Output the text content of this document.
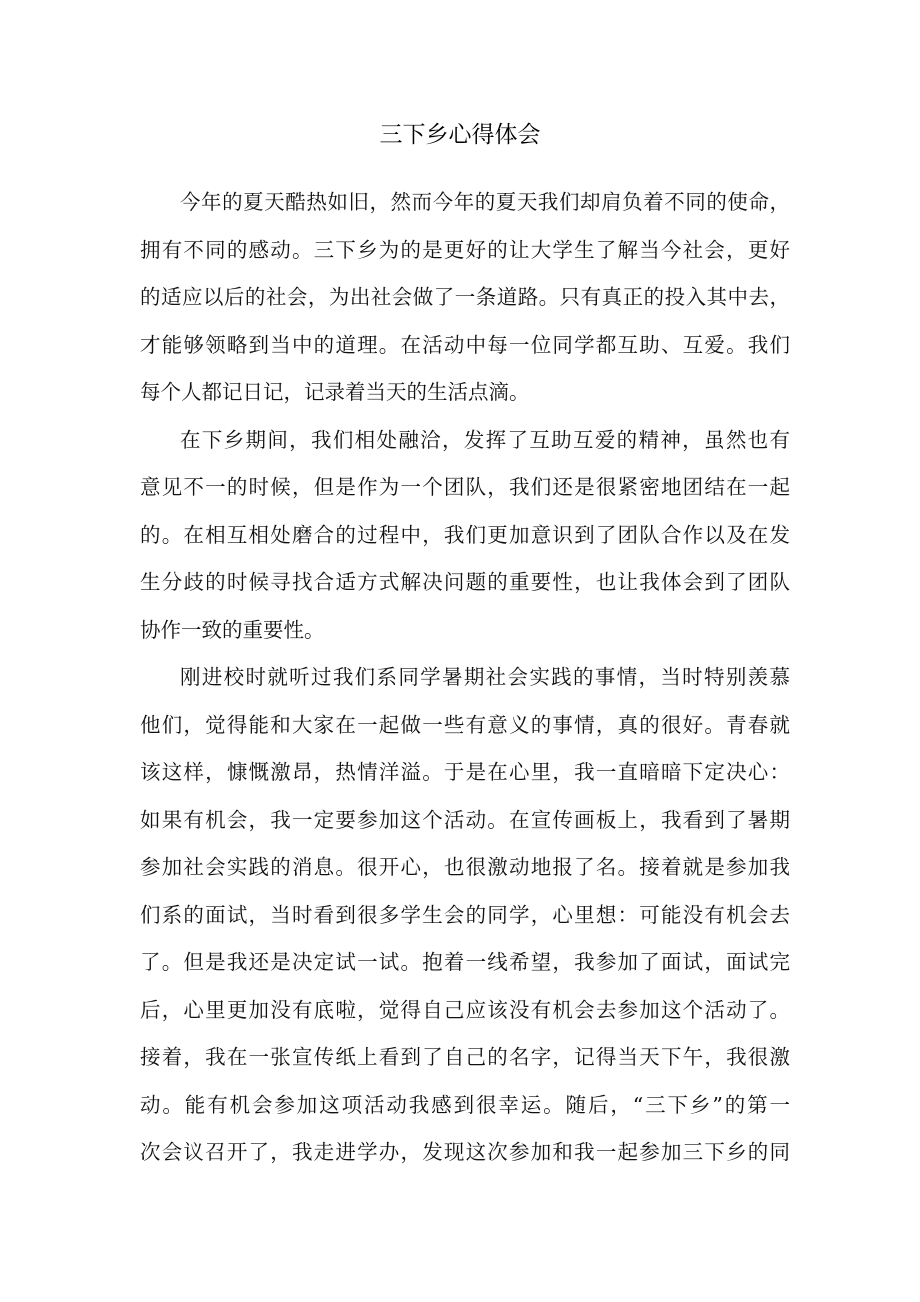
三下乡心得体会

今年的夏天酷热如旧，然而今年的夏天我们却肩负着不同的使命，
拥有不同的感动。三下乡为的是更好的让大学生了解当今社会，更好
的适应以后的社会，为出社会做了一条道路。只有真正的投入其中去，
才能够领略到当中的道理。在活动中每一位同学都互助、互爱。我们
每个人都记日记，记录着当天的生活点滴。

在下乡期间，我们相处融洽，发挥了互助互爱的精神，虽然也有
意见不一的时候，但是作为一个团队，我们还是很紧密地团结在一起
的。在相互相处磨合的过程中，我们更加意识到了团队合作以及在发
生分歧的时候寻找合适方式解决问题的重要性，也让我体会到了团队
协作一致的重要性。

刚进校时就听过我们系同学暑期社会实践的事情，当时特别羡慕
他们，觉得能和大家在一起做一些有意义的事情，真的很好。青春就
该这样，慷慨激昂，热情洋溢。于是在心里，我一直暗暗下定决心：
如果有机会，我一定要参加这个活动。在宣传画板上，我看到了暑期
参加社会实践的消息。很开心，也很激动地报了名。接着就是参加我
们系的面试，当时看到很多学生会的同学，心里想：可能没有机会去
了。但是我还是决定试一试。抱着一线希望，我参加了面试，面试完
后，心里更加没有底啦，觉得自己应该没有机会去参加这个活动了。
接着，我在一张宣传纸上看到了自己的名字，记得当天下午，我很激
动。能有机会参加这项活动我感到很幸运。随后，“三下乡”的第一
次会议召开了，我走进学办，发现这次参加和我一起参加三下乡的同
